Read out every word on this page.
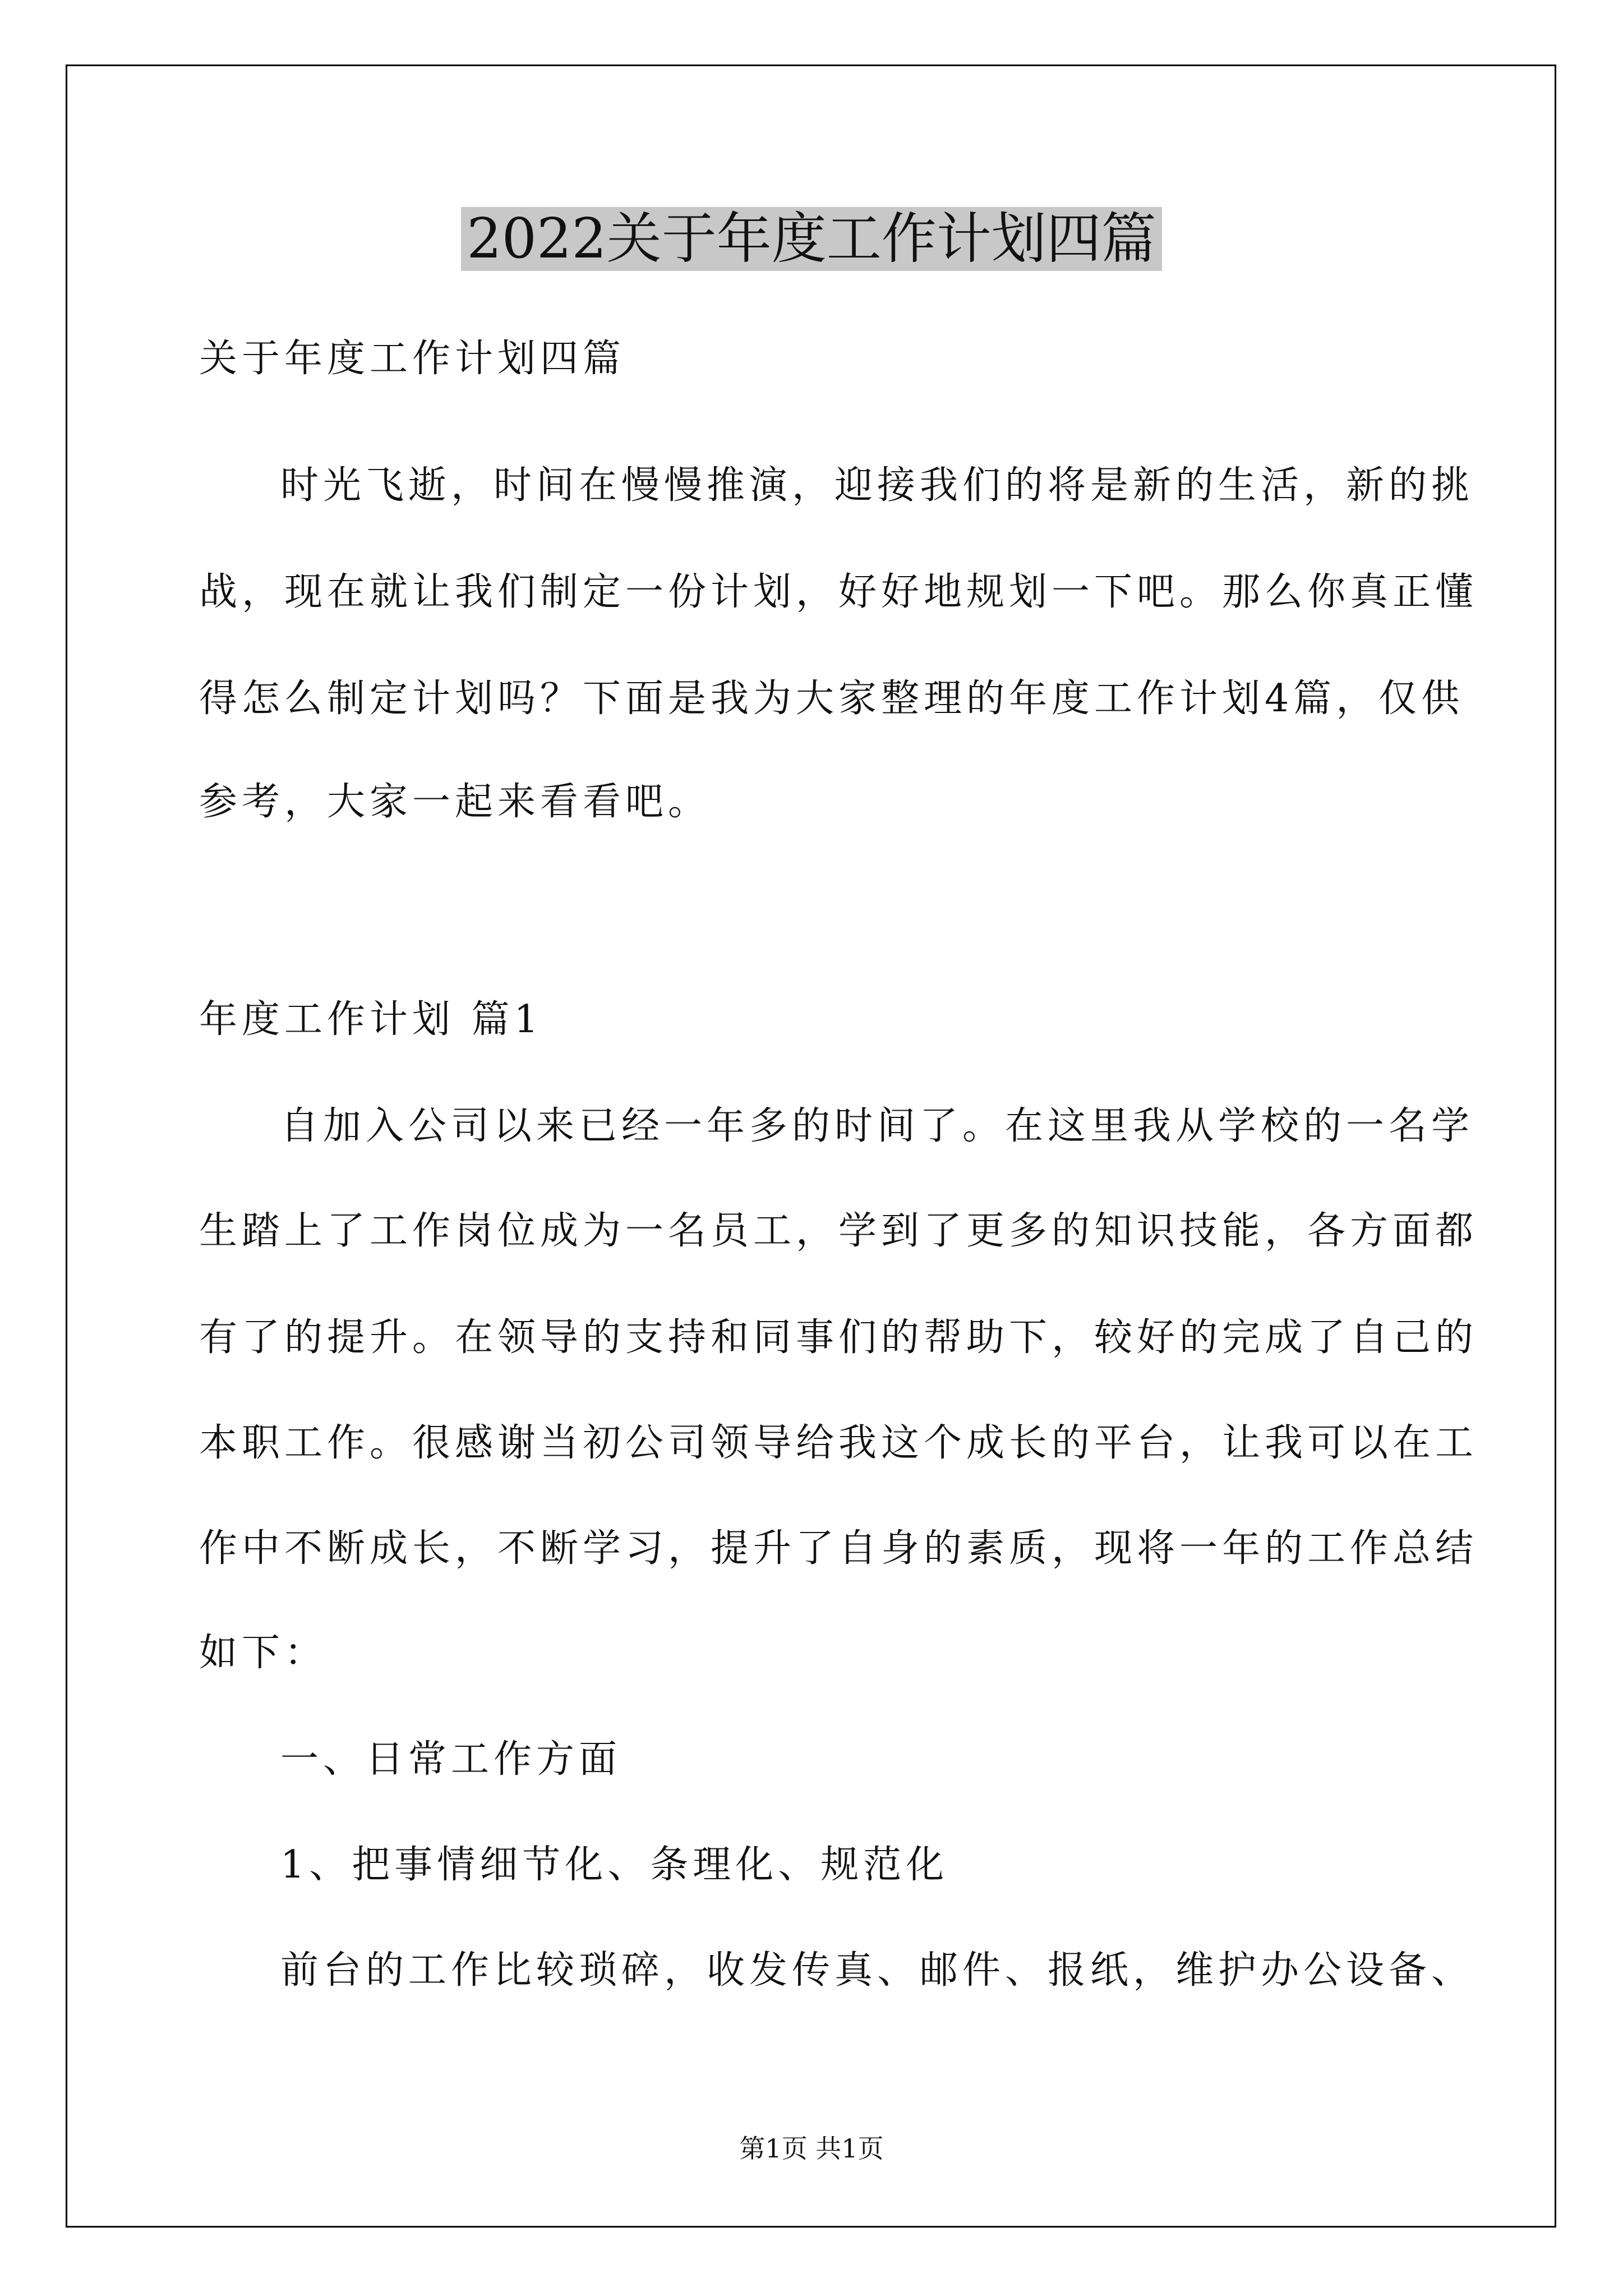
2022关于年度工作计划四篇

关于年度工作计划四篇

时光飞逝，时间在慢慢推演，迎接我们的将是新的生活，新的挑

战，现在就让我们制定一份计划，好好地规划一下吧。那么你真正懂

得怎么制定计划吗？下面是我为大家整理的年度工作计划4篇，仅供

参考，大家一起来看看吧。

年度工作计划 篇1

自加入公司以来已经一年多的时间了。在这里我从学校的一名学

生踏上了工作岗位成为一名员工，学到了更多的知识技能，各方面都

有了的提升。在领导的支持和同事们的帮助下，较好的完成了自己的

本职工作。很感谢当初公司领导给我这个成长的平台，让我可以在工

作中不断成长，不断学习，提升了自身的素质，现将一年的工作总结

如下：

一、日常工作方面

1、把事情细节化、条理化、规范化

前台的工作比较琐碎，收发传真、邮件、报纸，维护办公设备、

第1页 共1页
